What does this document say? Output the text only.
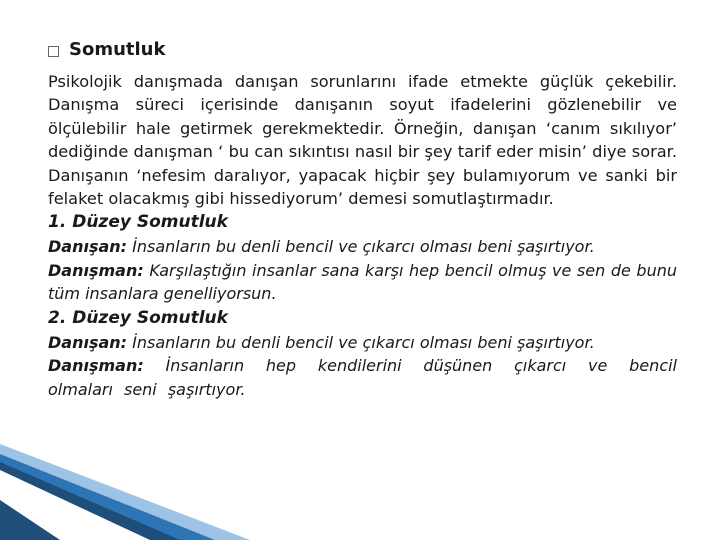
Somutluk

Psikolojik danışmada danışan sorunlarını ifade etmekte güçlük çekebilir. Danışma süreci içerisinde danışanın soyut ifadelerini gözlenebilir ve ölçülebilir hale getirmek gerekmektedir. Örneğin, danışan ‘canım sıkılıyor’ dediğinde danışman ‘ bu can sıkıntısı nasıl bir şey tarif eder misin’ diye sorar. Danışanın ‘nefesim daralıyor, yapacak hiçbir şey bulamıyorum ve sanki bir felaket olacakmış gibi hissediyorum’ demesi somutlaştırmadır.

1. Düzey Somutluk

Danışan: İnsanların bu denli bencil ve çıkarcı olması beni şaşırtıyor.

Danışman: Karşılaştığın insanlar sana karşı hep bencil olmuş ve sen de bunu tüm insanlara genelliyorsun.

2. Düzey Somutluk

Danışan: İnsanların bu denli bencil ve çıkarcı olması beni şaşırtıyor.

Danışman: İnsanların hep kendilerini düşünen çıkarcı ve bencil olmaları seni şaşırtıyor.
